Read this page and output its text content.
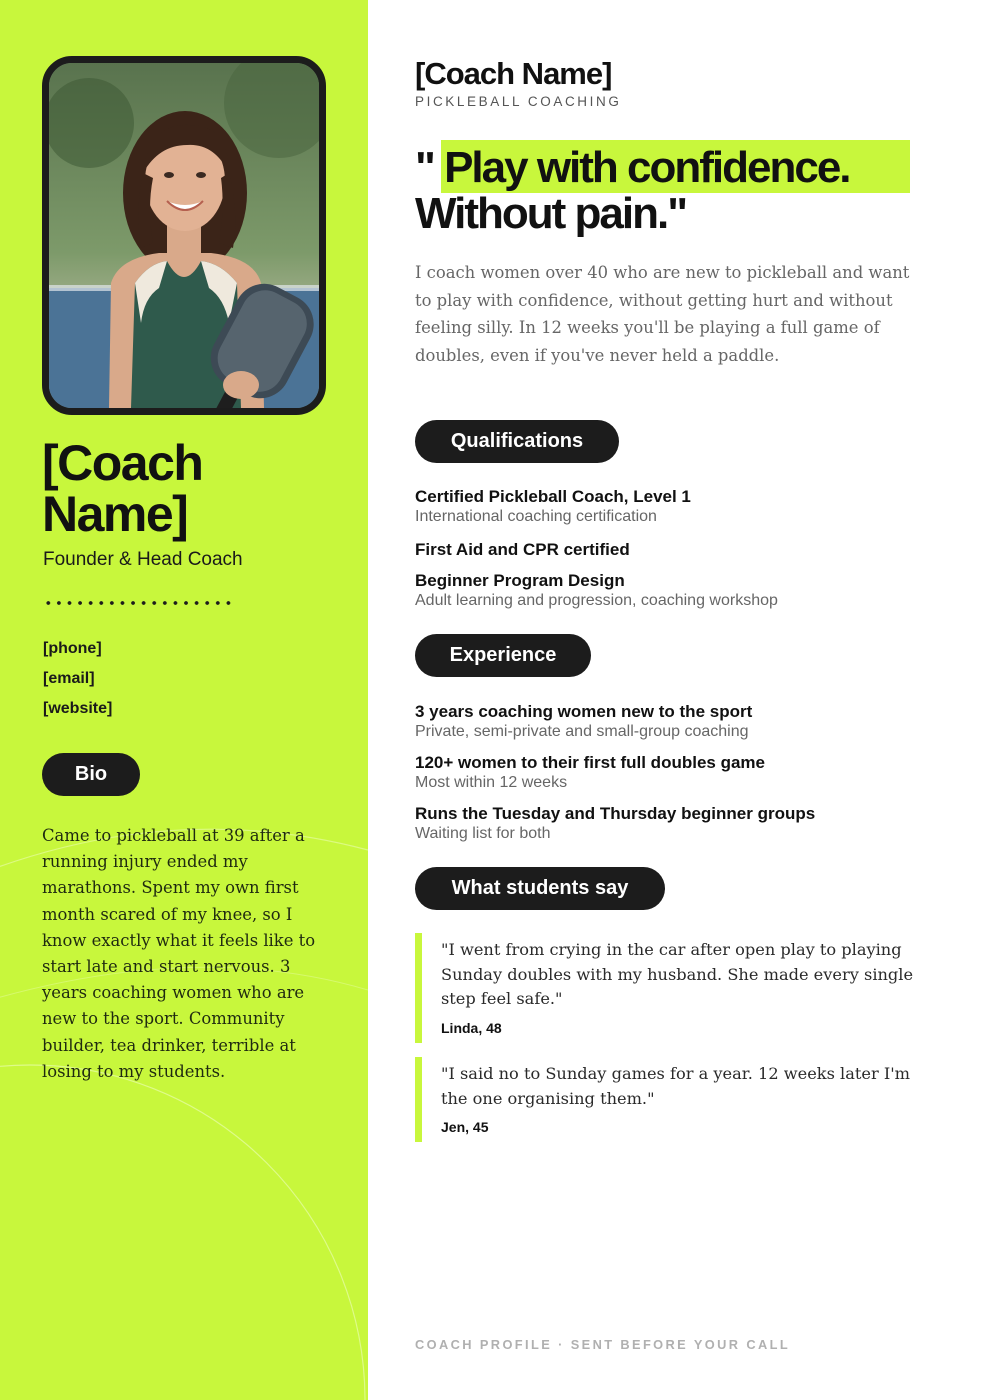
[Coach Name]
Founder & Head Coach
[phone]
[email]
[website]
Bio

Came to pickleball at 39 after a running injury ended my marathons. Spent my own first month scared of my knee, so I know exactly what it feels like to start late and start nervous. 3 years coaching women who are new to the sport. Community builder, tea drinker, terrible at losing to my students.

[Coach Name]
PICKLEBALL COACHING
" Play with confidence.
Without pain."

I coach women over 40 who are new to pickleball and want to play with confidence, without getting hurt and without feeling silly. In 12 weeks you'll be playing a full game of doubles, even if you've never held a paddle.

Qualifications
Certified Pickleball Coach, Level 1
International coaching certification
First Aid and CPR certified
Beginner Program Design
Adult learning and progression, coaching workshop
Experience
3 years coaching women new to the sport
Private, semi-private and small-group coaching
120+ women to their first full doubles game
Most within 12 weeks
Runs the Tuesday and Thursday beginner groups
Waiting list for both
What students say

"I went from crying in the car after open play to playing Sunday doubles with my husband. She made every single step feel safe."

Linda, 48

"I said no to Sunday games for a year. 12 weeks later I'm the one organising them."

Jen, 45
COACH PROFILE · SENT BEFORE YOUR CALL
